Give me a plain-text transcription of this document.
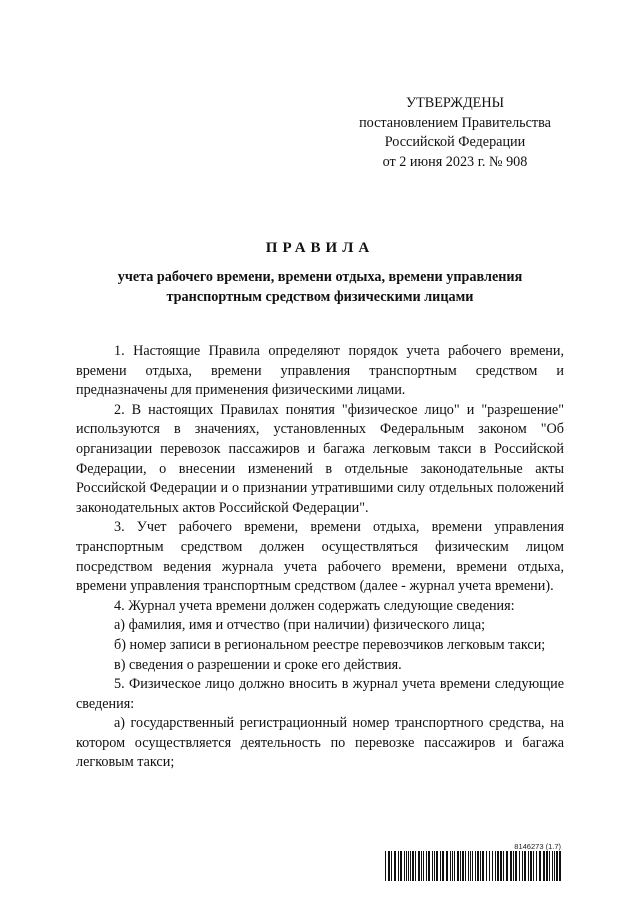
УТВЕРЖДЕНЫ
постановлением Правительства
Российской Федерации
от 2 июня 2023 г. № 908
ПРАВИЛА
учета рабочего времени, времени отдыха, времени управления
транспортным средством физическими лицами

1. Настоящие Правила определяют порядок учета рабочего времени, времени отдыха, времени управления транспортным средством и предназначены для применения физическими лицами.

2. В настоящих Правилах понятия "физическое лицо" и "разрешение" используются в значениях, установленных Федеральным законом "Об организации перевозок пассажиров и багажа легковым такси в Российской Федерации, о внесении изменений в отдельные законодательные акты Российской Федерации и о признании утратившими силу отдельных положений законодательных актов Российской Федерации".

3. Учет рабочего времени, времени отдыха, времени управления транспортным средством должен осуществляться физическим лицом посредством ведения журнала учета рабочего времени, времени отдыха, времени управления транспортным средством (далее - журнал учета времени).

4. Журнал учета времени должен содержать следующие сведения:

а) фамилия, имя и отчество (при наличии) физического лица;

б) номер записи в региональном реестре перевозчиков легковым такси;

в) сведения о разрешении и сроке его действия.

5. Физическое лицо должно вносить в журнал учета времени следующие сведения:

а) государственный регистрационный номер транспортного средства, на котором осуществляется деятельность по перевозке пассажиров и багажа легковым такси;

8146273 (1.7)
